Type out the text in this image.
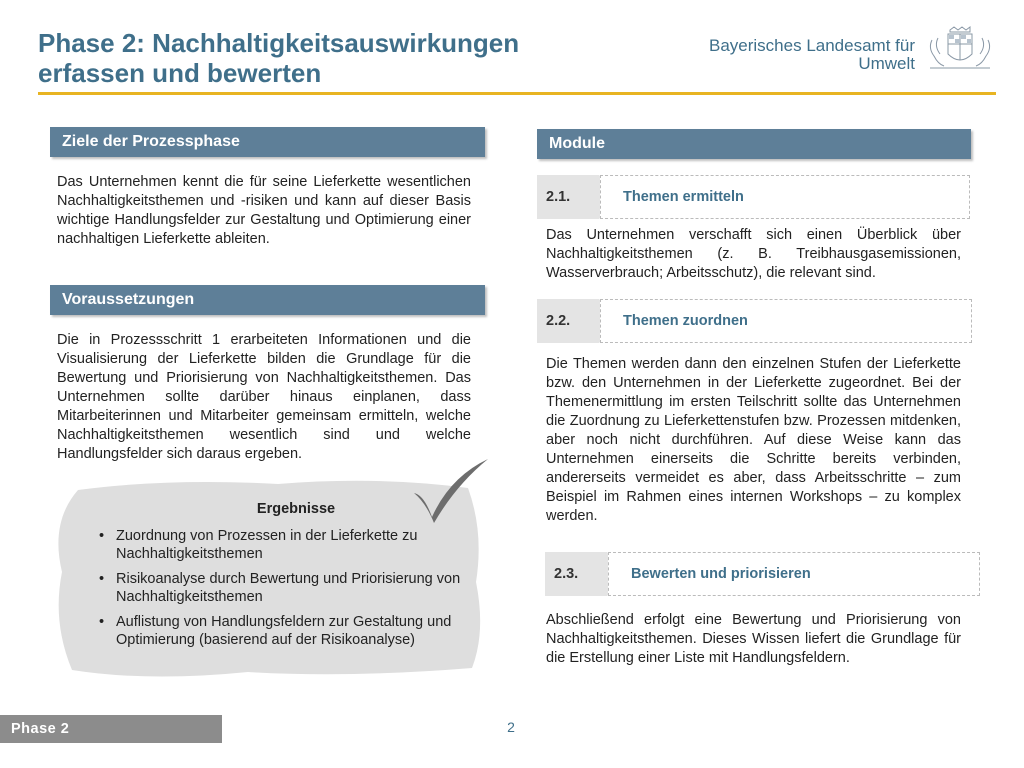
Phase 2: Nachhaltigkeitsauswirkungen
erfassen und bewerten
Bayerisches Landesamt für
Umwelt
Ziele der Prozessphase
Das Unternehmen kennt die für seine Lieferkette wesentlichen Nachhaltigkeitsthemen und -risiken und kann auf dieser Basis wichtige Handlungsfelder zur Gestaltung und Optimierung einer nachhaltigen Lieferkette ableiten.
Voraussetzungen
Die in Prozessschritt 1 erarbeiteten Informationen und die Visualisierung der Lieferkette bilden die Grundlage für die Bewertung und Priorisierung von Nachhaltigkeitsthemen. Das Unternehmen sollte darüber hinaus einplanen, dass Mitarbeiterinnen und Mitarbeiter gemeinsam ermitteln, welche Nachhaltigkeitsthemen wesentlich sind und welche Handlungsfelder sich daraus ergeben.
Ergebnisse
• Zuordnung von Prozessen in der Lieferkette zu Nachhaltigkeitsthemen
• Risikoanalyse durch Bewertung und Priorisierung von Nachhaltigkeitsthemen
• Auflistung von Handlungsfeldern zur Gestaltung und Optimierung (basierend auf der Risikoanalyse)
Module
2.1.	Themen ermitteln
Das Unternehmen verschafft sich einen Überblick über Nachhaltigkeitsthemen (z. B. Treibhausgasemissionen, Wasserverbrauch; Arbeitsschutz), die relevant sind.
2.2.	Themen zuordnen
Die Themen werden dann den einzelnen Stufen der Lieferkette bzw. den Unternehmen in der Lieferkette zugeordnet. Bei der Themenermittlung im ersten Teilschritt sollte das Unternehmen die Zuordnung zu Lieferkettenstufen bzw. Prozessen mitdenken, aber noch nicht durchführen. Auf diese Weise kann das Unternehmen einerseits die Schritte bereits verbinden, andererseits vermeidet es aber, dass Arbeitsschritte – zum Beispiel im Rahmen eines internen Workshops – zu komplex werden.
2.3.	Bewerten und priorisieren
Abschließend erfolgt eine Bewertung und Priorisierung von Nachhaltigkeitsthemen. Dieses Wissen liefert die Grundlage für die Erstellung einer Liste mit Handlungsfeldern.
Phase 2	2
